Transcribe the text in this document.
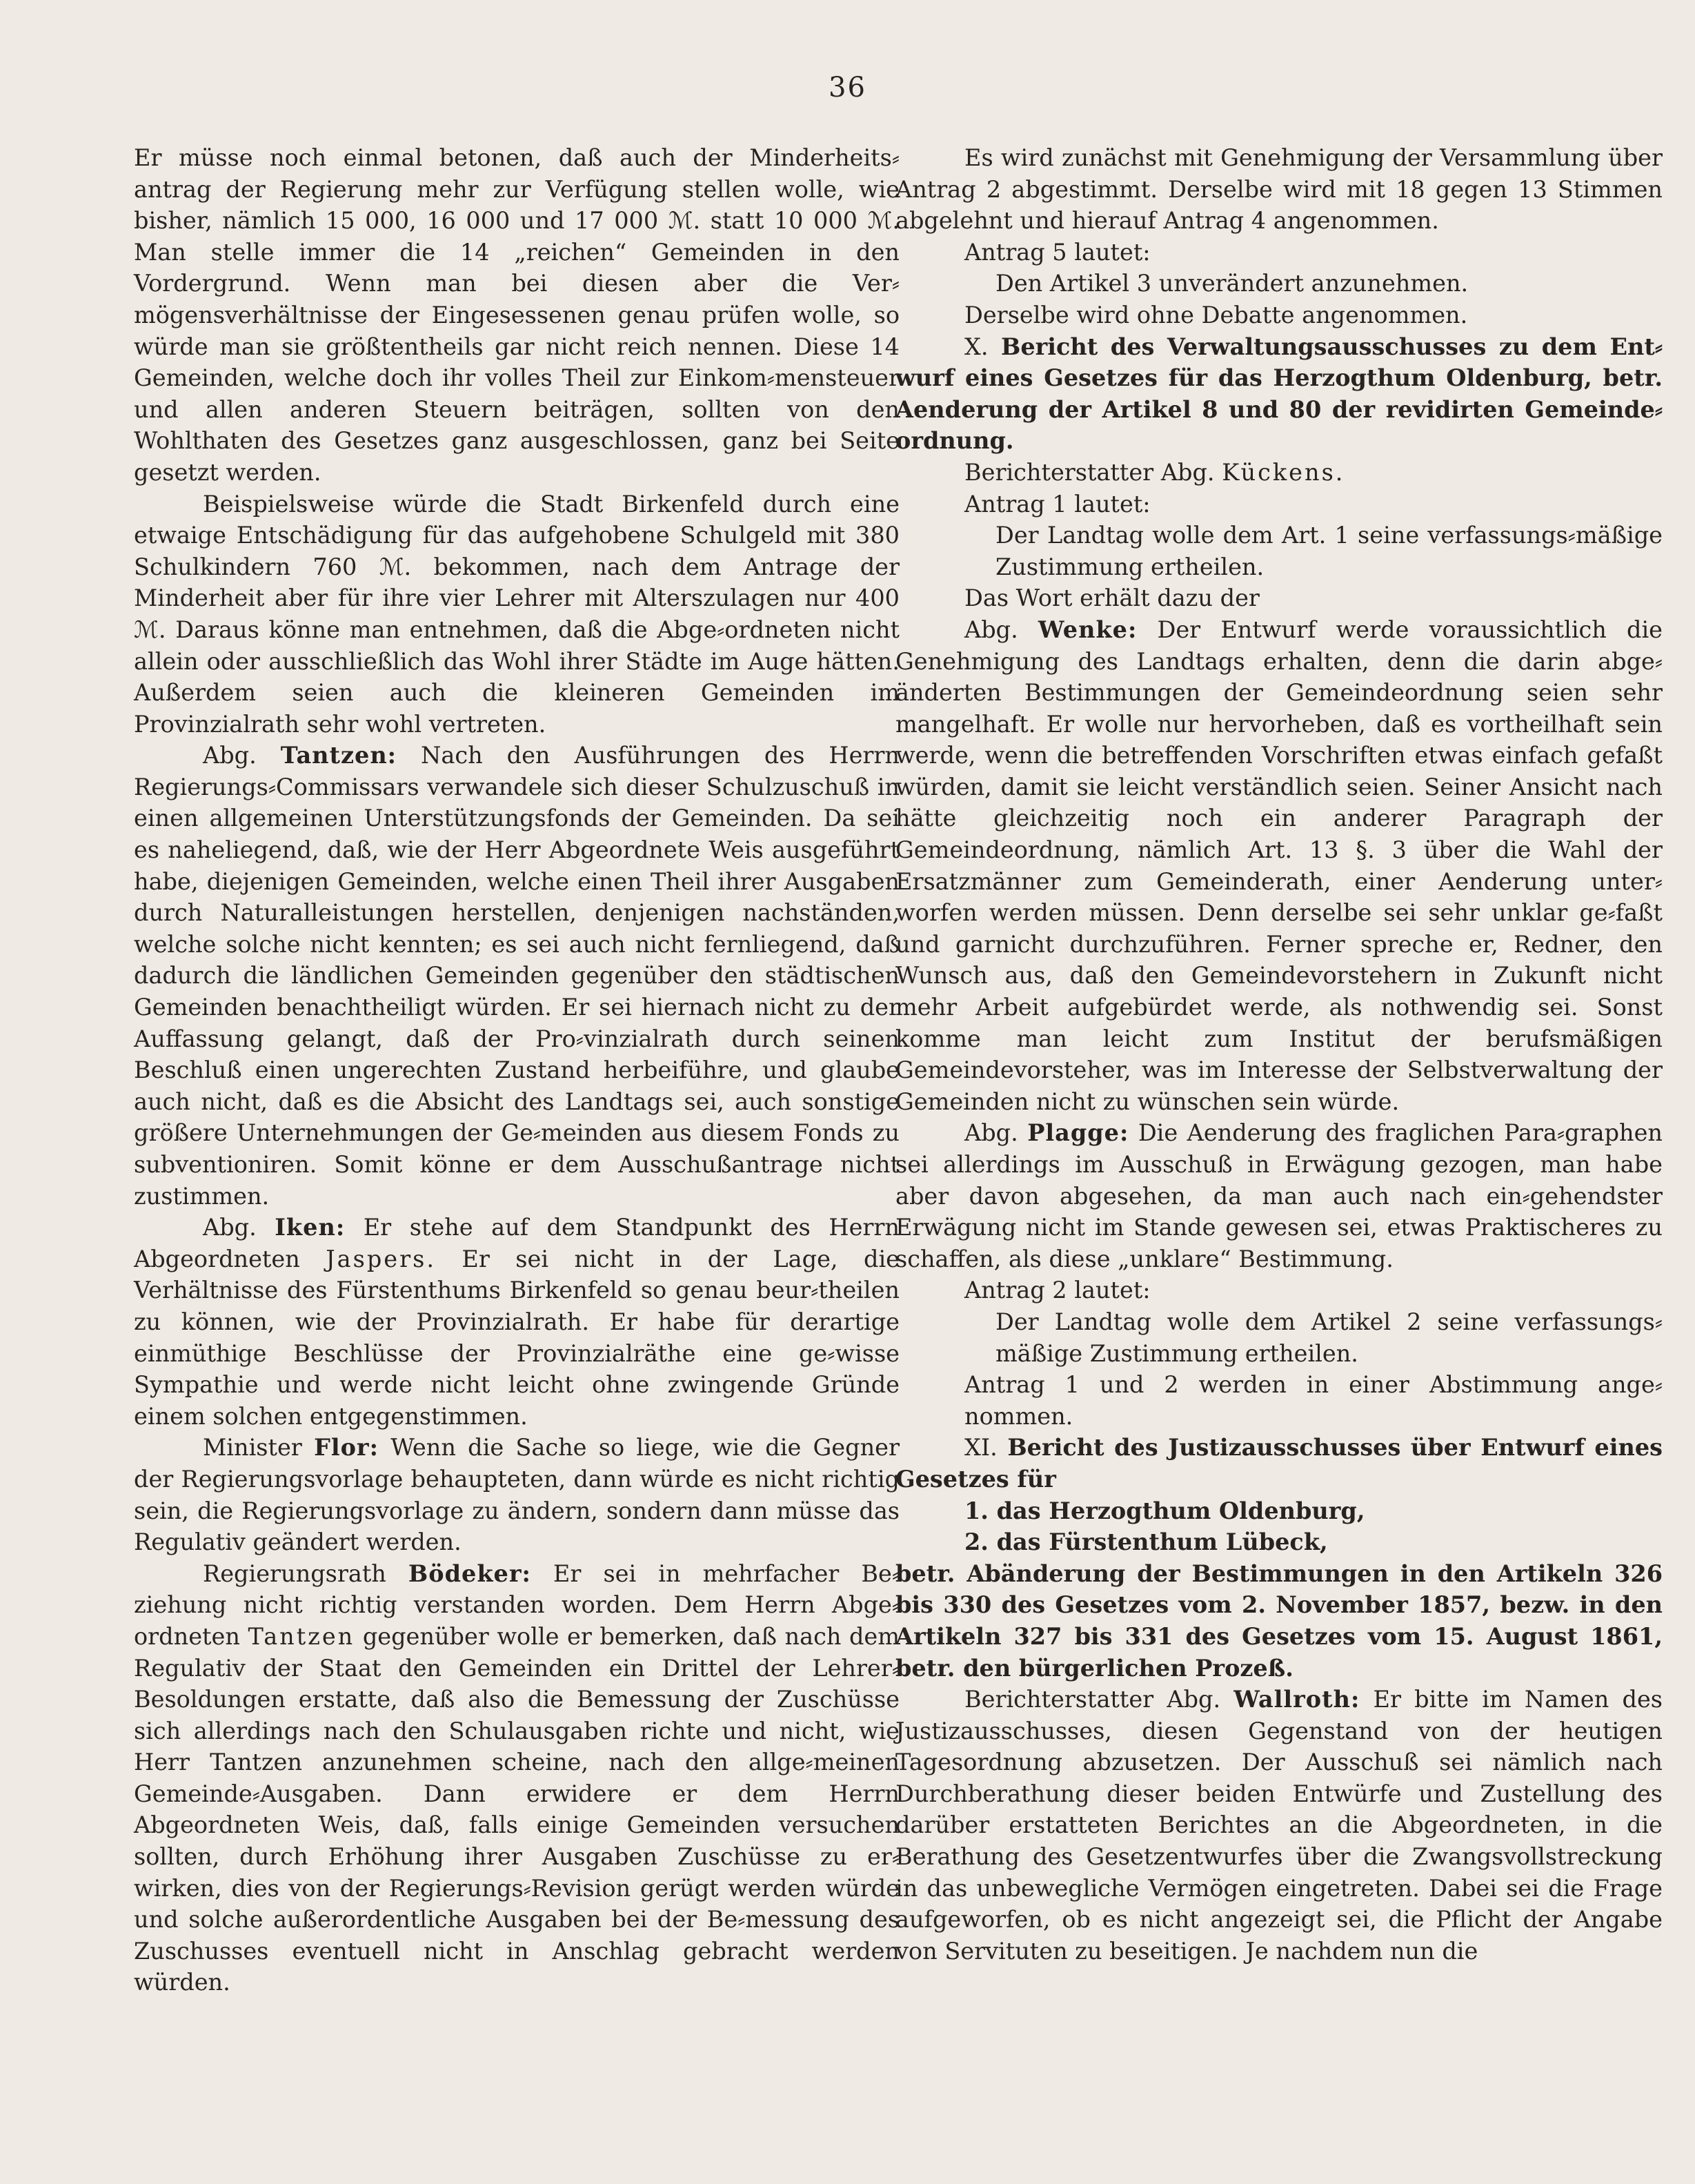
36

Er müsse noch einmal betonen, daß auch der Minderheits⸗antrag der Regierung mehr zur Verfügung stellen wolle, wie bisher, nämlich 15 000, 16 000 und 17 000 ℳ. statt 10 000 ℳ. Man stelle immer die 14 „reichen“ Gemeinden in den Vordergrund. Wenn man bei diesen aber die Ver⸗mögensverhältnisse der Eingesessenen genau prüfen wolle, so würde man sie größtentheils gar nicht reich nennen. Diese 14 Gemeinden, welche doch ihr volles Theil zur Einkom⸗mensteuer und allen anderen Steuern beiträgen, sollten von den Wohlthaten des Gesetzes ganz ausgeschlossen, ganz bei Seite gesetzt werden.

Beispielsweise würde die Stadt Birkenfeld durch eine etwaige Entschädigung für das aufgehobene Schulgeld mit 380 Schulkindern 760 ℳ. bekommen, nach dem Antrage der Minderheit aber für ihre vier Lehrer mit Alterszulagen nur 400 ℳ. Daraus könne man entnehmen, daß die Abge⸗ordneten nicht allein oder ausschließlich das Wohl ihrer Städte im Auge hätten. Außerdem seien auch die kleineren Gemeinden im Provinzialrath sehr wohl vertreten.

Abg. Tantzen: Nach den Ausführungen des Herrn Regierungs⸗Commissars verwandele sich dieser Schulzuschuß in einen allgemeinen Unterstützungsfonds der Gemeinden. Da sei es naheliegend, daß, wie der Herr Abgeordnete Weis ausgeführt habe, diejenigen Gemeinden, welche einen Theil ihrer Ausgaben durch Naturalleistungen herstellen, denjenigen nachständen, welche solche nicht kennten; es sei auch nicht fernliegend, daß dadurch die ländlichen Gemeinden gegenüber den städtischen Gemeinden benachtheiligt würden. Er sei hiernach nicht zu der Auffassung gelangt, daß der Pro⸗vinzialrath durch seinen Beschluß einen ungerechten Zustand herbeiführe, und glaube auch nicht, daß es die Absicht des Landtags sei, auch sonstige größere Unternehmungen der Ge⸗meinden aus diesem Fonds zu subventioniren. Somit könne er dem Ausschußantrage nicht zustimmen.

Abg. Iken: Er stehe auf dem Standpunkt des Herrn Abgeordneten Jaspers. Er sei nicht in der Lage, die Verhältnisse des Fürstenthums Birkenfeld so genau beur⸗theilen zu können, wie der Provinzialrath. Er habe für derartige einmüthige Beschlüsse der Provinzialräthe eine ge⸗wisse Sympathie und werde nicht leicht ohne zwingende Gründe einem solchen entgegenstimmen.

Minister Flor: Wenn die Sache so liege, wie die Gegner der Regierungsvorlage behaupteten, dann würde es nicht richtig sein, die Regierungsvorlage zu ändern, sondern dann müsse das Regulativ geändert werden.

Regierungsrath Bödeker: Er sei in mehrfacher Be⸗ziehung nicht richtig verstanden worden. Dem Herrn Abge⸗ordneten Tantzen gegenüber wolle er bemerken, daß nach dem Regulativ der Staat den Gemeinden ein Drittel der Lehrer⸗Besoldungen erstatte, daß also die Bemessung der Zuschüsse sich allerdings nach den Schulausgaben richte und nicht, wie Herr Tantzen anzunehmen scheine, nach den allge⸗meinen Gemeinde⸗Ausgaben. Dann erwidere er dem Herrn Abgeordneten Weis, daß, falls einige Gemeinden versuchen sollten, durch Erhöhung ihrer Ausgaben Zuschüsse zu er⸗wirken, dies von der Regierungs⸗Revision gerügt werden würde und solche außerordentliche Ausgaben bei der Be⸗messung des Zuschusses eventuell nicht in Anschlag gebracht werden würden.

Es wird zunächst mit Genehmigung der Versammlung über Antrag 2 abgestimmt. Derselbe wird mit 18 gegen 13 Stimmen abgelehnt und hierauf Antrag 4 angenommen.

Antrag 5 lautet:

Den Artikel 3 unverändert anzunehmen.

Derselbe wird ohne Debatte angenommen.

X. Bericht des Verwaltungsausschusses zu dem Ent⸗wurf eines Gesetzes für das Herzogthum Oldenburg, betr. Aenderung der Artikel 8 und 80 der revidirten Gemeinde⸗ordnung.

Berichterstatter Abg. Kückens.

Antrag 1 lautet:

Der Landtag wolle dem Art. 1 seine verfassungs⸗mäßige Zustimmung ertheilen.

Das Wort erhält dazu der

Abg. Wenke: Der Entwurf werde voraussichtlich die Genehmigung des Landtags erhalten, denn die darin abge⸗änderten Bestimmungen der Gemeindeordnung seien sehr mangelhaft. Er wolle nur hervorheben, daß es vortheilhaft sein werde, wenn die betreffenden Vorschriften etwas einfach gefaßt würden, damit sie leicht verständlich seien. Seiner Ansicht nach hätte gleichzeitig noch ein anderer Paragraph der Gemeindeordnung, nämlich Art. 13 §. 3 über die Wahl der Ersatzmänner zum Gemeinderath, einer Aenderung unter⸗worfen werden müssen. Denn derselbe sei sehr unklar ge⸗faßt und garnicht durchzuführen. Ferner spreche er, Redner, den Wunsch aus, daß den Gemeindevorstehern in Zukunft nicht mehr Arbeit aufgebürdet werde, als nothwendig sei. Sonst komme man leicht zum Institut der berufsmäßigen Gemeindevorsteher, was im Interesse der Selbstverwaltung der Gemeinden nicht zu wünschen sein würde.

Abg. Plagge: Die Aenderung des fraglichen Para⸗graphen sei allerdings im Ausschuß in Erwägung gezogen, man habe aber davon abgesehen, da man auch nach ein⸗gehendster Erwägung nicht im Stande gewesen sei, etwas Praktischeres zu schaffen, als diese „unklare“ Bestimmung.

Antrag 2 lautet:

Der Landtag wolle dem Artikel 2 seine verfassungs⸗mäßige Zustimmung ertheilen.

Antrag 1 und 2 werden in einer Abstimmung ange⸗nommen.

XI. Bericht des Justizausschusses über Entwurf eines Gesetzes für

1. das Herzogthum Oldenburg,

2. das Fürstenthum Lübeck,

betr. Abänderung der Bestimmungen in den Artikeln 326 bis 330 des Gesetzes vom 2. November 1857, bezw. in den Artikeln 327 bis 331 des Gesetzes vom 15. August 1861, betr. den bürgerlichen Prozeß.

Berichterstatter Abg. Wallroth: Er bitte im Namen des Justizausschusses, diesen Gegenstand von der heutigen Tagesordnung abzusetzen. Der Ausschuß sei nämlich nach Durchberathung dieser beiden Entwürfe und Zustellung des darüber erstatteten Berichtes an die Abgeordneten, in die Berathung des Gesetzentwurfes über die Zwangsvollstreckung in das unbewegliche Vermögen eingetreten. Dabei sei die Frage aufgeworfen, ob es nicht angezeigt sei, die Pflicht der Angabe von Servituten zu beseitigen. Je nachdem nun die
